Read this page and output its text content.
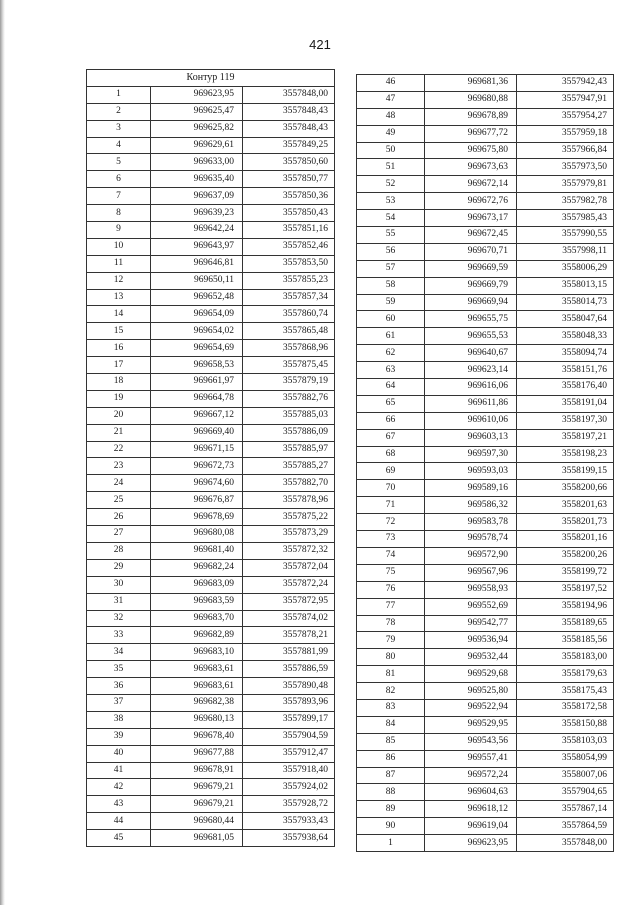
421
Контур 119		
1	969623,95	3557848,00
2	969625,47	3557848,43
3	969625,82	3557848,43
4	969629,61	3557849,25
5	969633,00	3557850,60
6	969635,40	3557850,77
7	969637,09	3557850,36
8	969639,23	3557850,43
9	969642,24	3557851,16
10	969643,97	3557852,46
11	969646,81	3557853,50
12	969650,11	3557855,23
13	969652,48	3557857,34
14	969654,09	3557860,74
15	969654,02	3557865,48
16	969654,69	3557868,96
17	969658,53	3557875,45
18	969661,97	3557879,19
19	969664,78	3557882,76
20	969667,12	3557885,03
21	969669,40	3557886,09
22	969671,15	3557885,97
23	969672,73	3557885,27
24	969674,60	3557882,70
25	969676,87	3557878,96
26	969678,69	3557875,22
27	969680,08	3557873,29
28	969681,40	3557872,32
29	969682,24	3557872,04
30	969683,09	3557872,24
31	969683,59	3557872,95
32	969683,70	3557874,02
33	969682,89	3557878,21
34	969683,10	3557881,99
35	969683,61	3557886,59
36	969683,61	3557890,48
37	969682,38	3557893,96
38	969680,13	3557899,17
39	969678,40	3557904,59
40	969677,88	3557912,47
41	969678,91	3557918,40
42	969679,21	3557924,02
43	969679,21	3557928,72
44	969680,44	3557933,43
45	969681,05	3557938,64
46	969681,36	3557942,43
47	969680,88	3557947,91
48	969678,89	3557954,27
49	969677,72	3557959,18
50	969675,80	3557966,84
51	969673,63	3557973,50
52	969672,14	3557979,81
53	969672,76	3557982,78
54	969673,17	3557985,43
55	969672,45	3557990,55
56	969670,71	3557998,11
57	969669,59	3558006,29
58	969669,79	3558013,15
59	969669,94	3558014,73
60	969655,75	3558047,64
61	969655,53	3558048,33
62	969640,67	3558094,74
63	969623,14	3558151,76
64	969616,06	3558176,40
65	969611,86	3558191,04
66	969610,06	3558197,30
67	969603,13	3558197,21
68	969597,30	3558198,23
69	969593,03	3558199,15
70	969589,16	3558200,66
71	969586,32	3558201,63
72	969583,78	3558201,73
73	969578,74	3558201,16
74	969572,90	3558200,26
75	969567,96	3558199,72
76	969558,93	3558197,52
77	969552,69	3558194,96
78	969542,77	3558189,65
79	969536,94	3558185,56
80	969532,44	3558183,00
81	969529,68	3558179,63
82	969525,80	3558175,43
83	969522,94	3558172,58
84	969529,95	3558150,88
85	969543,56	3558103,03
86	969557,41	3558054,99
87	969572,24	3558007,06
88	969604,63	3557904,65
89	969618,12	3557867,14
90	969619,04	3557864,59
1	969623,95	3557848,00
